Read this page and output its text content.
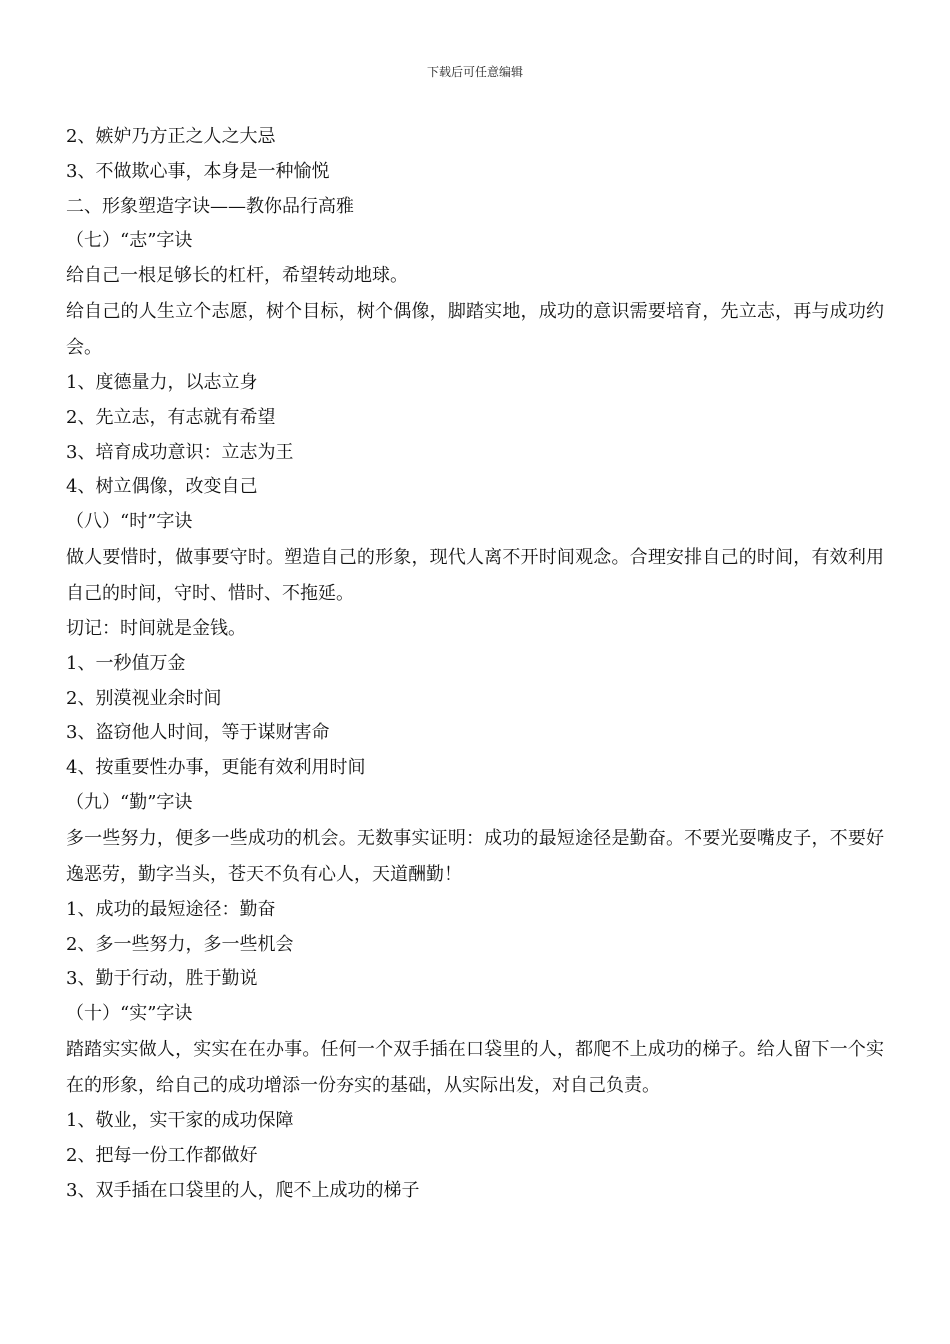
下载后可任意编辑
2、嫉妒乃方正之人之大忌
3、不做欺心事，本身是一种愉悦
二、形象塑造字诀——教你品行高雅
（七）“志”字诀
给自己一根足够长的杠杆，希望转动地球。

给自己的人生立个志愿，树个目标，树个偶像，脚踏实地，成功的意识需要培育，先立志，再与成功约会。

1、度德量力，以志立身
2、先立志，有志就有希望
3、培育成功意识：立志为王
4、树立偶像，改变自己
（八）“时”字诀

做人要惜时，做事要守时。塑造自己的形象，现代人离不开时间观念。合理安排自己的时间，有效利用自己的时间，守时、惜时、不拖延。

切记：时间就是金钱。
1、一秒值万金
2、别漠视业余时间
3、盗窃他人时间，等于谋财害命
4、按重要性办事，更能有效利用时间
（九）“勤”字诀

多一些努力，便多一些成功的机会。无数事实证明：成功的最短途径是勤奋。不要光耍嘴皮子，不要好逸恶劳，勤字当头，苍天不负有心人，天道酬勤！

1、成功的最短途径：勤奋
2、多一些努力，多一些机会
3、勤于行动，胜于勤说
（十）“实”字诀

踏踏实实做人，实实在在办事。任何一个双手插在口袋里的人，都爬不上成功的梯子。给人留下一个实在的形象，给自己的成功增添一份夯实的基础，从实际出发，对自己负责。

1、敬业，实干家的成功保障
2、把每一份工作都做好
3、双手插在口袋里的人，爬不上成功的梯子
